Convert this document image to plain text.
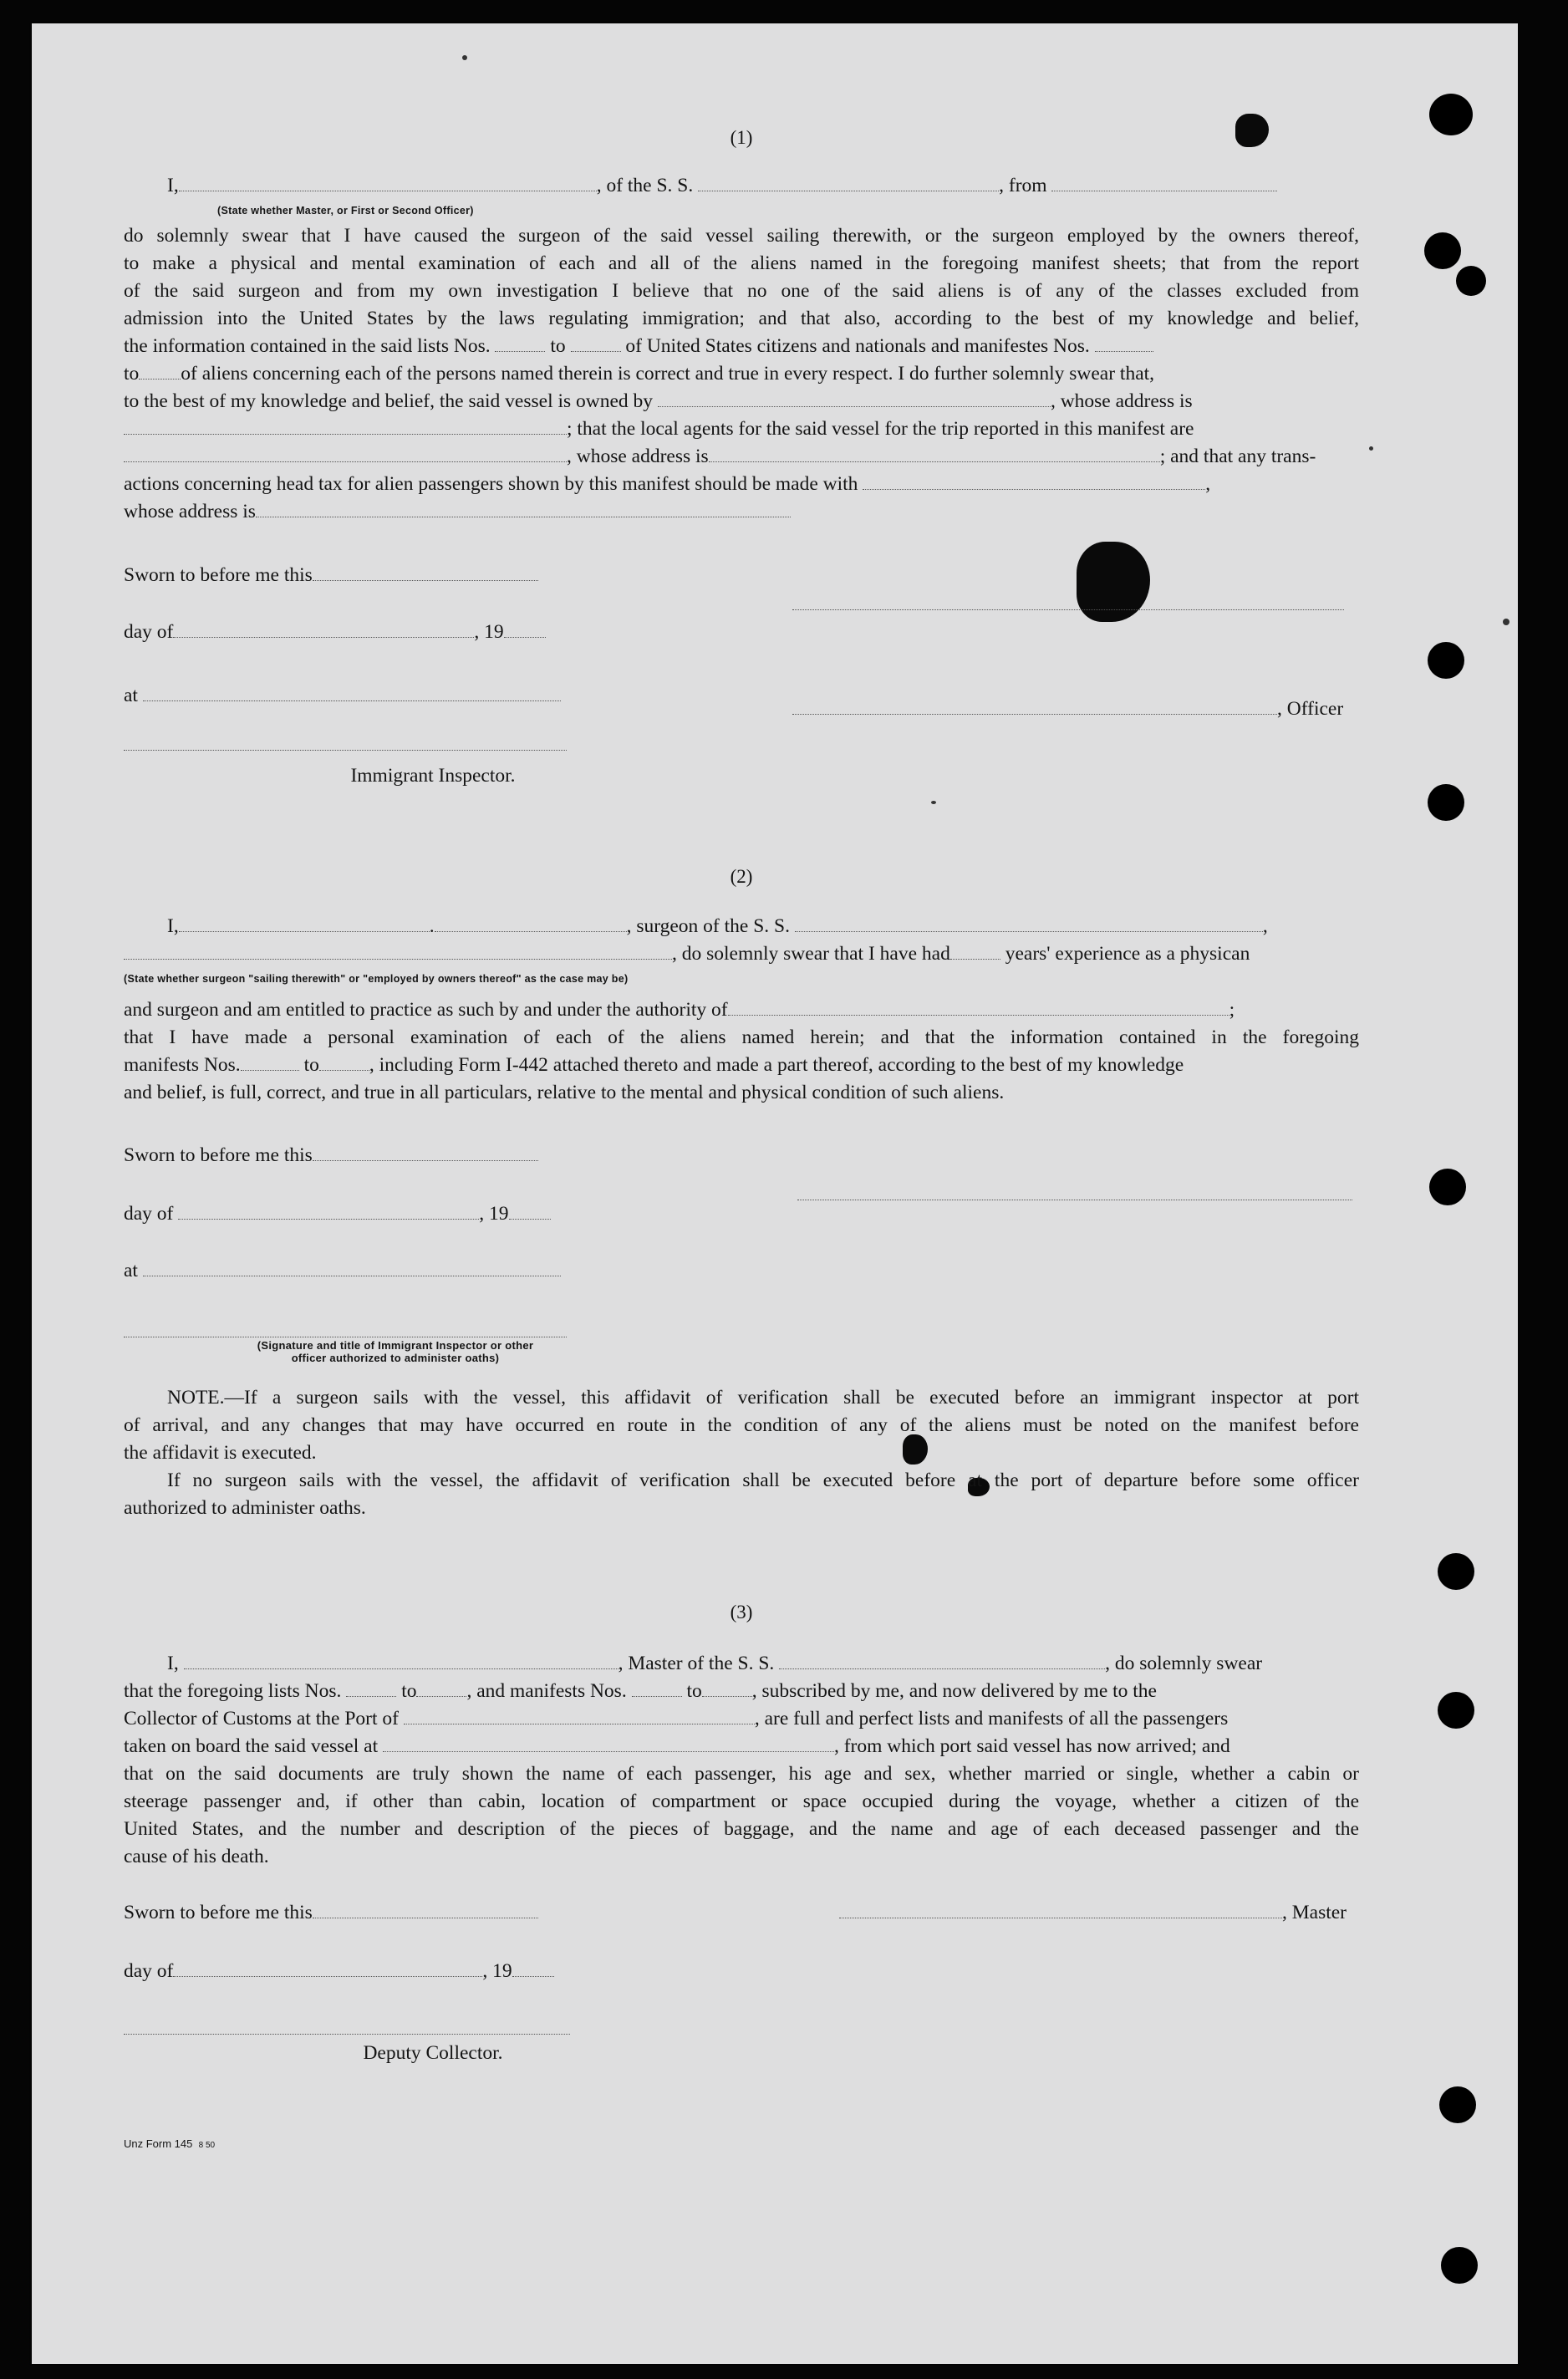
(1)
I,	, of the S. S.	, from
(State whether Master, or First or Second Officer)
do solemnly swear that I have caused the surgeon of the said vessel sailing therewith, or the surgeon employed by the owners thereof,
to make a physical and mental examination of each and all of the aliens named in the foregoing manifest sheets; that from the report
of the said surgeon and from my own investigation I believe that no one of the said aliens is of any of the classes excluded from
admission into the United States by the laws regulating immigration; and that also, according to the best of my knowledge and belief,
the information contained in the said lists Nos.	to	of United States citizens and nationals and manifestes Nos.
to of aliens concerning each of the persons named therein is correct and true in every respect. I do further solemnly swear that,
to the best of my knowledge and belief, the said vessel is owned by	, whose address is
; that the local agents for the said vessel for the trip reported in this manifest are
, whose address is	; and that any trans-
actions concerning head tax for alien passengers shown by this manifest should be made with	,
whose address is
Sworn to before me this
day of	, 19
at
, Officer
Immigrant Inspector.
(2)
I,	.	, surgeon of the S. S.	,
, do solemnly swear that I have had	years' experience as a physican
(State whether surgeon "sailing therewith" or "employed by owners thereof" as the case may be)
and surgeon and am entitled to practice as such by and under the authority of	;
that I have made a personal examination of each of the aliens named herein; and that the information contained in the foregoing
manifests Nos.	to	, including Form I-442 attached thereto and made a part thereof, according to the best of my knowledge
and belief, is full, correct, and true in all particulars, relative to the mental and physical condition of such aliens.
Sworn to before me this
day of	, 19
at
(Signature and title of Immigrant Inspector or other
officer authorized to administer oaths)
NOTE.—If a surgeon sails with the vessel, this affidavit of verification shall be executed before an immigrant inspector at port
of arrival, and any changes that may have occurred en route in the condition of any of the aliens must be noted on the manifest before
the affidavit is executed.
If no surgeon sails with the vessel, the affidavit of verification shall be executed before at the port of departure before some officer
authorized to administer oaths.
(3)
I,	, Master of the S. S.	, do solemnly swear
that the foregoing lists Nos.	to	, and manifests Nos.	to	, subscribed by me, and now delivered by me to the
Collector of Customs at the Port of	, are full and perfect lists and manifests of all the passengers
taken on board the said vessel at	, from which port said vessel has now arrived; and
that on the said documents are truly shown the name of each passenger, his age and sex, whether married or single, whether a cabin or
steerage passenger and, if other than cabin, location of compartment or space occupied during the voyage, whether a citizen of the
United States, and the number and description of the pieces of baggage, and the name and age of each deceased passenger and the
cause of his death.
Sworn to before me this	, Master
day of	, 19
Deputy Collector.
Unz Form 145 8 50
